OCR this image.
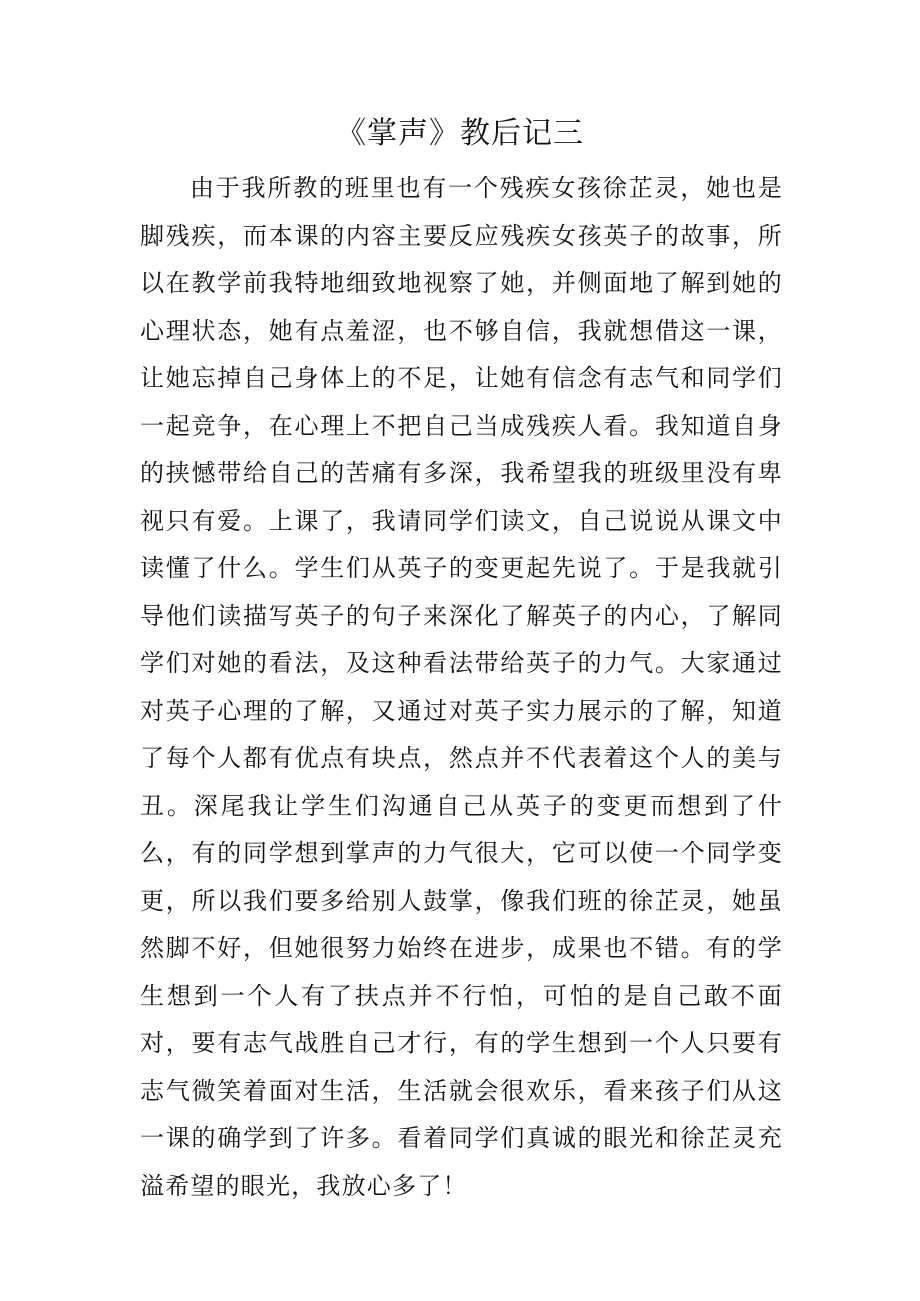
《掌声》教后记三

由于我所教的班里也有一个残疾女孩徐芷灵，她也是脚残疾，而本课的内容主要反应残疾女孩英子的故事，所以在教学前我特地细致地视察了她，并侧面地了解到她的心理状态，她有点羞涩，也不够自信，我就想借这一课，让她忘掉自己身体上的不足，让她有信念有志气和同学们一起竞争，在心理上不把自己当成残疾人看。我知道自身的挟憾带给自己的苦痛有多深，我希望我的班级里没有卑视只有爱。上课了，我请同学们读文，自己说说从课文中读懂了什么。学生们从英子的变更起先说了。于是我就引导他们读描写英子的句子来深化了解英子的内心，了解同学们对她的看法，及这种看法带给英子的力气。大家通过对英子心理的了解，又通过对英子实力展示的了解，知道了每个人都有优点有块点，然点并不代表着这个人的美与丑。深尾我让学生们沟通自己从英子的变更而想到了什么，有的同学想到掌声的力气很大，它可以使一个同学变更，所以我们要多给别人鼓掌，像我们班的徐芷灵，她虽然脚不好，但她很努力始终在进步，成果也不错。有的学生想到一个人有了扶点并不行怕，可怕的是自己敢不面对，要有志气战胜自己才行，有的学生想到一个人只要有志气微笑着面对生活，生活就会很欢乐，看来孩子们从这一课的确学到了许多。看着同学们真诚的眼光和徐芷灵充溢希望的眼光，我放心多了！
